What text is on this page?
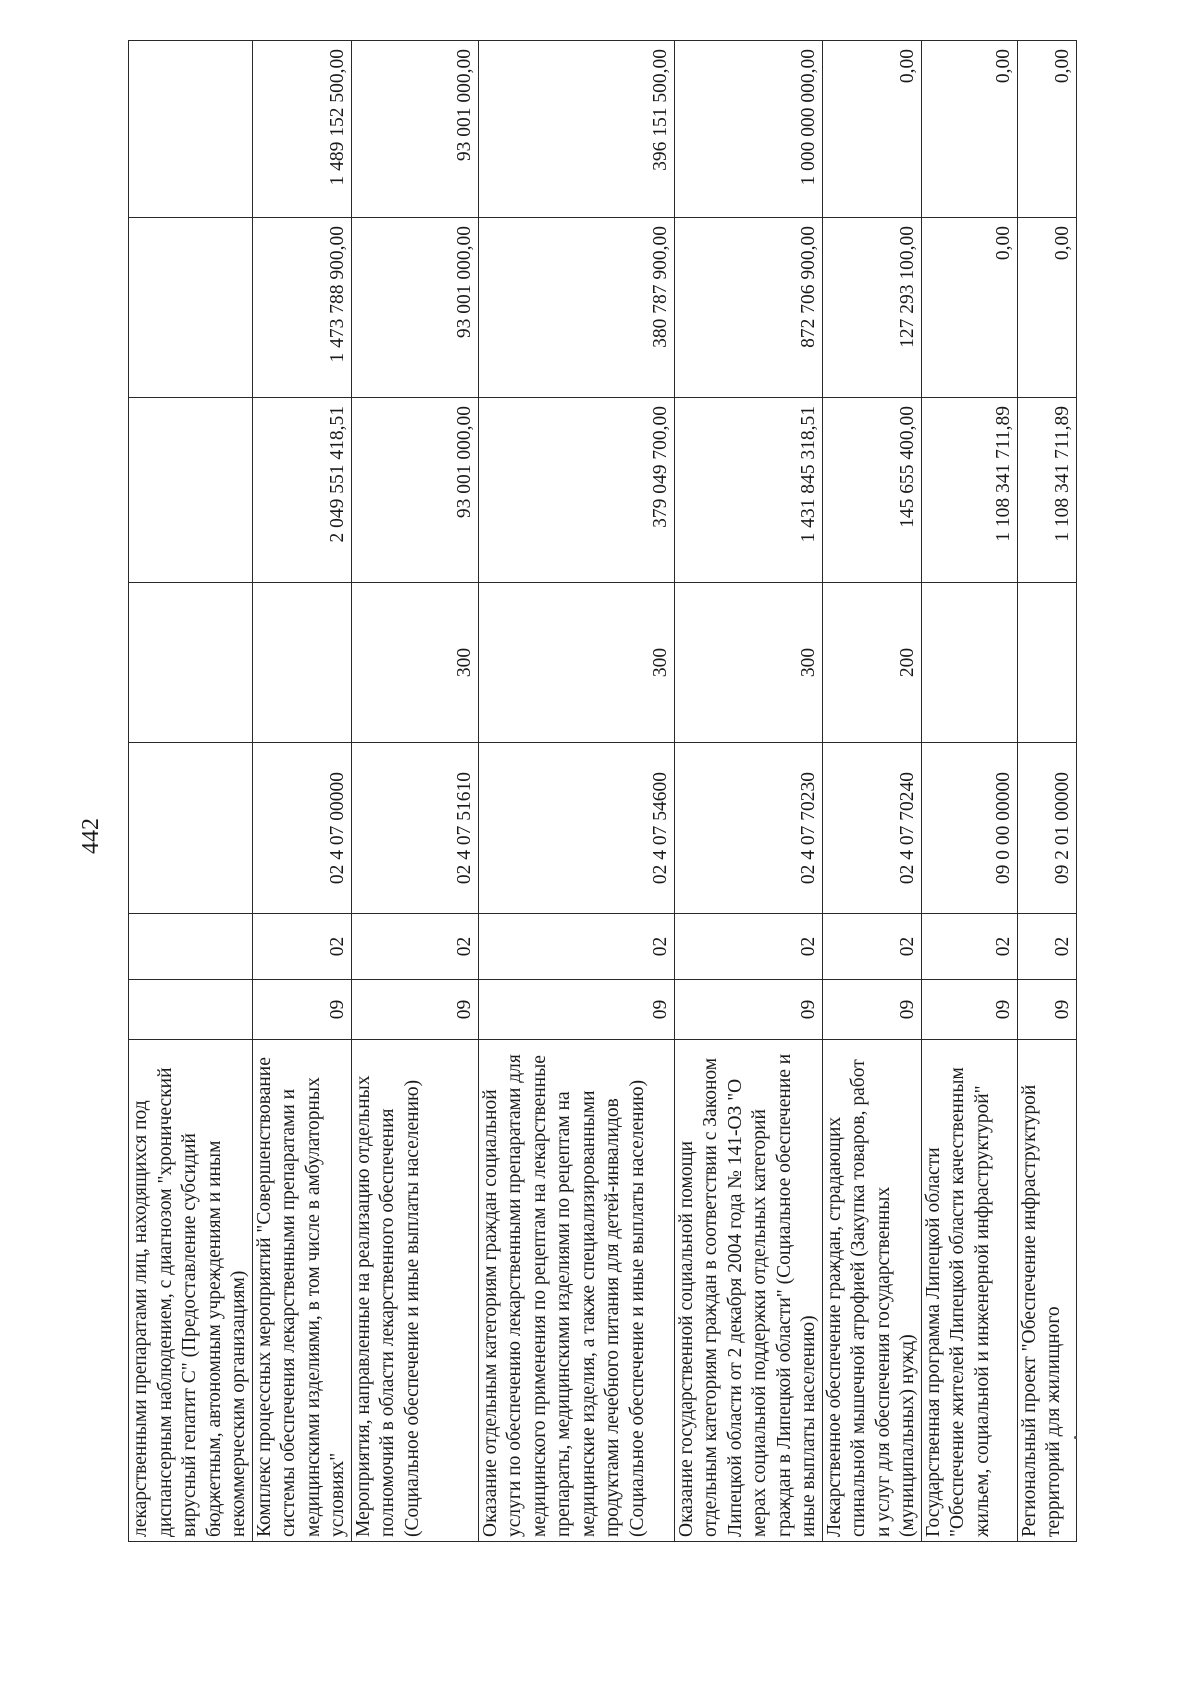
442
лекарственными препаратами лиц, находящихся под диспансерным наблюдением, с диагнозом "хронический вирусный гепатит С" (Предоставление субсидий бюджетным, автономным учреждениям и иным некоммерческим организациям)							
Комплекс процессных мероприятий "Совершенствование системы обеспечения лекарственными препаратами и медицинскими изделиями, в том числе в амбулаторных условиях"	09	02	02 4 07 00000		2 049 551 418,51	1 473 788 900,00	1 489 152 500,00
Мероприятия, направленные на реализацию отдельных полномочий в области лекарственного обеспечения (Социальное обеспечение и иные выплаты населению)	09	02	02 4 07 51610	300	93 001 000,00	93 001 000,00	93 001 000,00

Оказание отдельным категориям граждан социальной услуги по обеспечению лекарственными препаратами для медицинского применения по рецептам на лекарственные препараты, медицинскими изделиями по рецептам на медицинские изделия, а также специализированными продуктами лечебного питания для детей-инвалидов (Социальное обеспечение и иные выплаты населению)	09	02	02 4 07 54600	300	379 049 700,00	380 787 900,00	396 151 500,00
Оказание государственной социальной помощи отдельным категориям граждан в соответствии с Законом Липецкой области от 2 декабря 2004 года № 141-ОЗ "О мерах социальной поддержки отдельных категорий граждан в Липецкой области" (Социальное обеспечение и иные выплаты населению)	09	02	02 4 07 70230	300	1 431 845 318,51	872 706 900,00	1 000 000 000,00
Лекарственное обеспечение граждан, страдающих спинальной мышечной атрофией (Закупка товаров, работ и услуг для обеспечения государственных (муниципальных) нужд)	09	02	02 4 07 70240	200	145 655 400,00	127 293 100,00	0,00
Государственная программа Липецкой области "Обеспечение жителей Липецкой области качественным жильем, социальной и инженерной инфраструктурой"	09	02	09 0 00 00000		1 108 341 711,89	0,00	0,00
Региональный проект "Обеспечение инфраструктурой территорий для жилищного	09	02	09 2 01 00000		1 108 341 711,89	0,00	0,00
